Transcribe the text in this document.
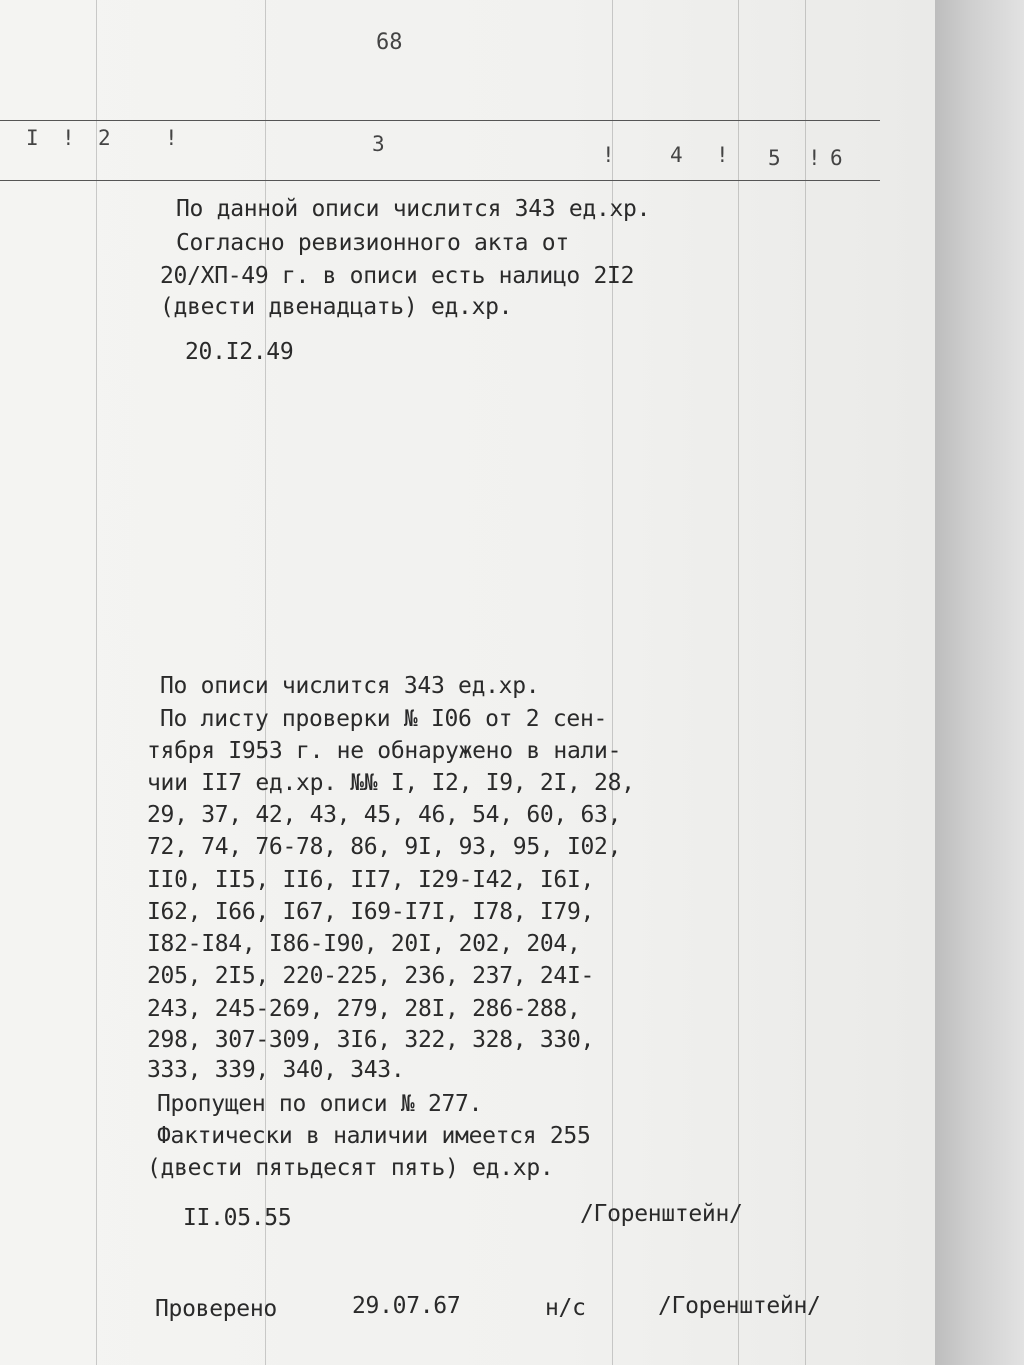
68
I ! 2	!	3	!	4 ! 5 ! 6
По данной описи числится 343 ед.хр.
Согласно ревизионного акта от
20/XП-49 г. в описи есть налицо 2I2
(двести двенадцать) ед.хр.
20.I2.49
По описи числится 343 ед.хр.
По листу проверки № I06 от 2 сен-
тября I953 г. не обнаружено в нали-
чии II7 ед.хр. №№ I, I2, I9, 2I, 28,
29, 37, 42, 43, 45, 46, 54, 60, 63,
72, 74, 76-78, 86, 9I, 93, 95, I02,
II0, II5, II6, II7, I29-I42, I6I,
I62, I66, I67, I69-I7I, I78, I79,
I82-I84, I86-I90, 20I, 202, 204,
205, 2I5, 220-225, 236, 237, 24I-
243, 245-269, 279, 28I, 286-288,
298, 307-309, 3I6, 322, 328, 330,
333, 339, 340, 343.
Пропущен по описи № 277.
Фактически в наличии имеется 255
(двести пятьдесят пять) ед.хр.
II.05.55	/Горенштейн/
Проверено	29.07.67	н/с	/Горенштейн/
